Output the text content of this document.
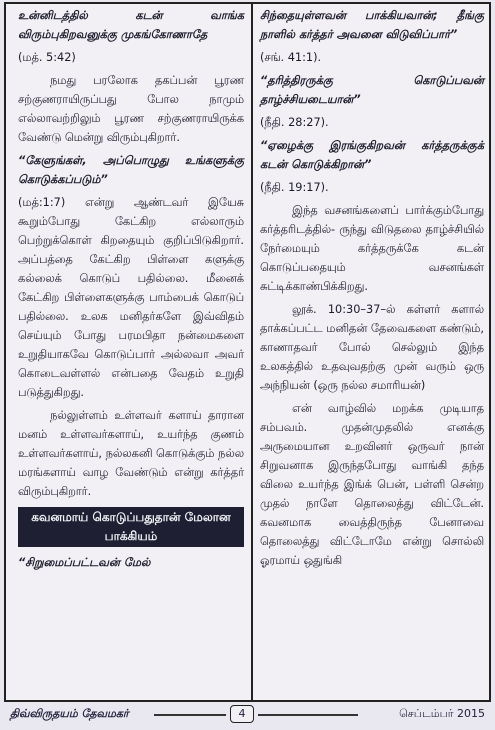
உன்னிடத்தில் கடன் வாங்க விரும்புகிறவனுக்கு முகங்கோணாதே

(மத். 5:42)

நமது பரலோக தகப்பன் பூரண சற்குணராயிருப்பது போல நாமும் எல்லாவற்றிலும் பூரண சற்குணராயிருக்க வேண்டு மென்று விரும்புகிறார்.

“கேளுங்கள், அப்பொழுது உங்களுக்கு கொடுக்கப்படும்”

(மத்:1:7) என்று ஆண்டவர் இயேசு கூறும்போது கேட்கிற எல்லாரும் பெற்றுக்கொள் கிறதையும் குறிப்பிடுகிறார். அப்பத்தை கேட்கிற பிள்ளை களுக்கு கல்லைக் கொடுப் பதில்லை. மீனைக் கேட்கிற பிள்ளைகளுக்கு பாம்பைக் கொடுப் பதில்லை. உலக மனிதர்களே இவ்விதம் செய்யும் போது பரமபிதா நன்மைகளை உறுதியாகவே கொடுப்பார் அல்லவா அவர் கொடைவள்ளல் என்பதை வேதம் உறுதி படுத்துகிறது.

நல்லுள்ளம் உள்ளவர் களாய் தாரான மனம் உள்ளவர்களாய், உயர்ந்த குணம் உள்ளவர்களாய், நல்லகனி கொடுக்கும் நல்ல மரங்களாய் வாழ வேண்டும் என்று கர்த்தர் விரும்புகிறார்.

கவனமாய் கொடுப்பதுதான் மேலான பாக்கியம்

“சிறுமைப்பட்டவன் மேல்

சிந்தையுள்ளவன் பாக்கியவான்; தீங்கு நாளில் கர்த்தர் அவனை விடுவிப்பார்”

(சங். 41:1).

“தரித்திரருக்கு கொடுப்பவன் தாழ்ச்சியடையான்”

(நீதி. 28:27).

“ஏழைக்கு இரங்குகிறவன் கர்த்தருக்குக் கடன் கொடுக்கிறான்”

(நீதி. 19:17).

இந்த வசனங்களைப் பார்க்கும்போது கர்த்தரிடத்தில்- ருந்து விடுதலை தாழ்ச்சியில் நேர்மையும் கர்த்தருக்கே கடன் கொடுப்பதையும் வசனங்கள் சுட்டிக்காண்பிக்கிறது.

லூக். 10:30–37–ல் கள்ளர் களால் தாக்கப்பட்ட மனிதன் தேவைகளை கண்டும், காணாதவர் போல் செல்லும் இந்த உலகத்தில் உதவுவதற்கு முன் வரும் ஒரு அந்நியன் (ஒரு நல்ல சமாரியன்)

என் வாழ்வில் மறக்க முடியாத சம்பவம். முதன்முதலில் எனக்கு அருமையான உறவினர் ஒருவர் நான் சிறுவனாக இருந்தபோது வாங்கி தந்த விலை உயர்ந்த இங்க் பென், பள்ளி சென்ற முதல் நாளே தொலைத்து விட்டேன். கவனமாக வைத்திருந்த பேனாவை தொலைத்து விட்டோமே என்று சொல்லி ஓரமாய் ஒதுங்கி

திவ்விருதயம் தேவமகர்	4	செப்டம்பர் 2015
